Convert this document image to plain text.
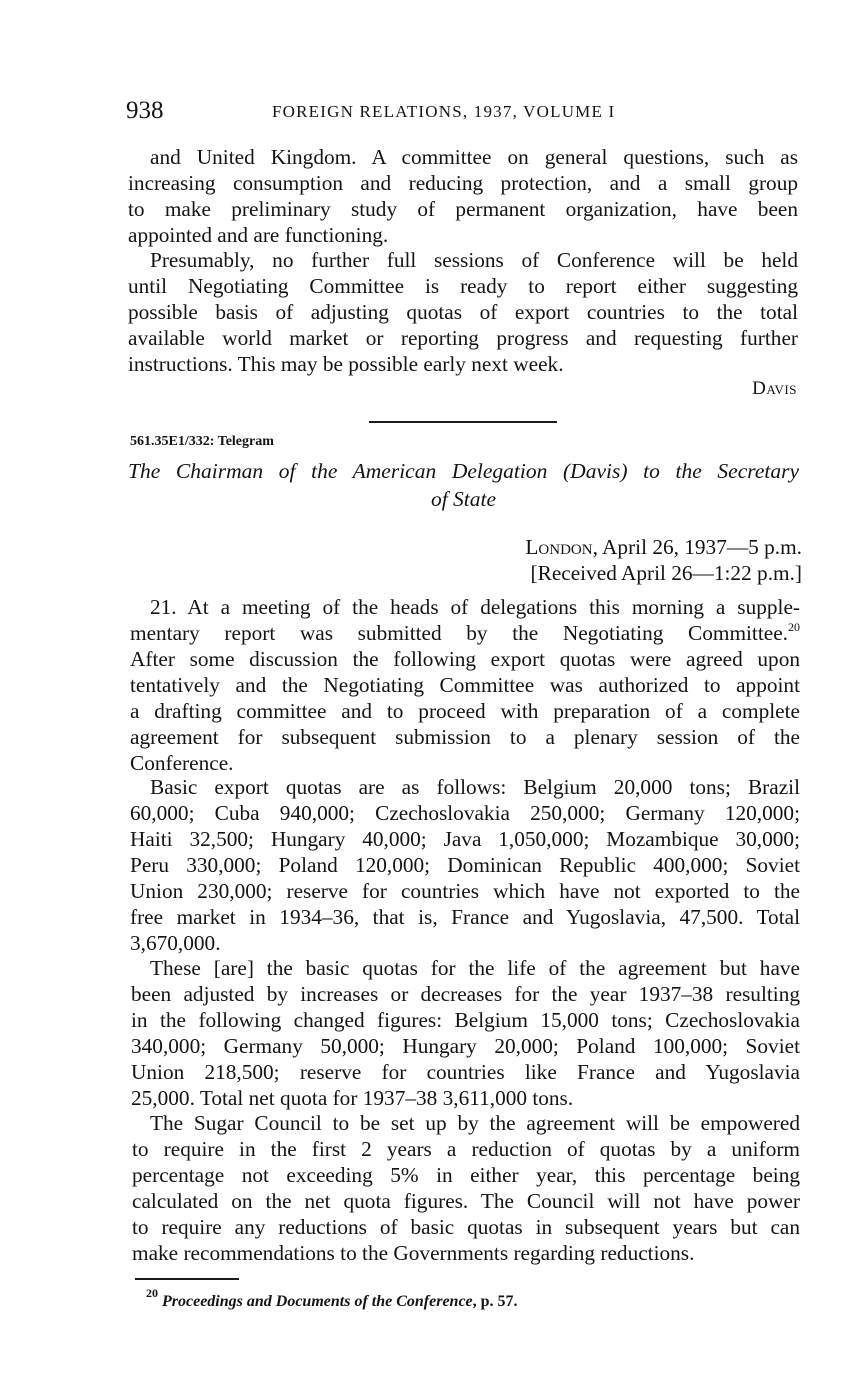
938	FOREIGN RELATIONS, 1937, VOLUME I
and United Kingdom. A committee on general questions, such as
increasing consumption and reducing protection, and a small group
to make preliminary study of permanent organization, have been
appointed and are functioning.
Presumably, no further full sessions of Conference will be held
until Negotiating Committee is ready to report either suggesting
possible basis of adjusting quotas of export countries to the total
available world market or reporting progress and requesting further
instructions. This may be possible early next week.
Davis
561.35E1/332: Telegram
The Chairman of the American Delegation (Davis) to the Secretary
of State
London, April 26, 1937—5 p.m.
[Received April 26—1:22 p.m.]
21. At a meeting of the heads of delegations this morning a supple-
mentary report was submitted by the Negotiating Committee.$^{20}$
After some discussion the following export quotas were agreed upon
tentatively and the Negotiating Committee was authorized to appoint
a drafting committee and to proceed with preparation of a complete
agreement for subsequent submission to a plenary session of the
Conference.
Basic export quotas are as follows: Belgium 20,000 tons; Brazil
60,000; Cuba 940,000; Czechoslovakia 250,000; Germany 120,000;
Haiti 32,500; Hungary 40,000; Java 1,050,000; Mozambique 30,000;
Peru 330,000; Poland 120,000; Dominican Republic 400,000; Soviet
Union 230,000; reserve for countries which have not exported to the
free market in 1934–36, that is, France and Yugoslavia, 47,500. Total
3,670,000.
These [are] the basic quotas for the life of the agreement but have
been adjusted by increases or decreases for the year 1937–38 resulting
in the following changed figures: Belgium 15,000 tons; Czechoslovakia
340,000; Germany 50,000; Hungary 20,000; Poland 100,000; Soviet
Union 218,500; reserve for countries like France and Yugoslavia
25,000. Total net quota for 1937–38 3,611,000 tons.
The Sugar Council to be set up by the agreement will be empowered
to require in the first 2 years a reduction of quotas by a uniform
percentage not exceeding 5% in either year, this percentage being
calculated on the net quota figures. The Council will not have power
to require any reductions of basic quotas in subsequent years but can
make recommendations to the Governments regarding reductions.
$^{20}$ Proceedings and Documents of the Conference, p. 57.
